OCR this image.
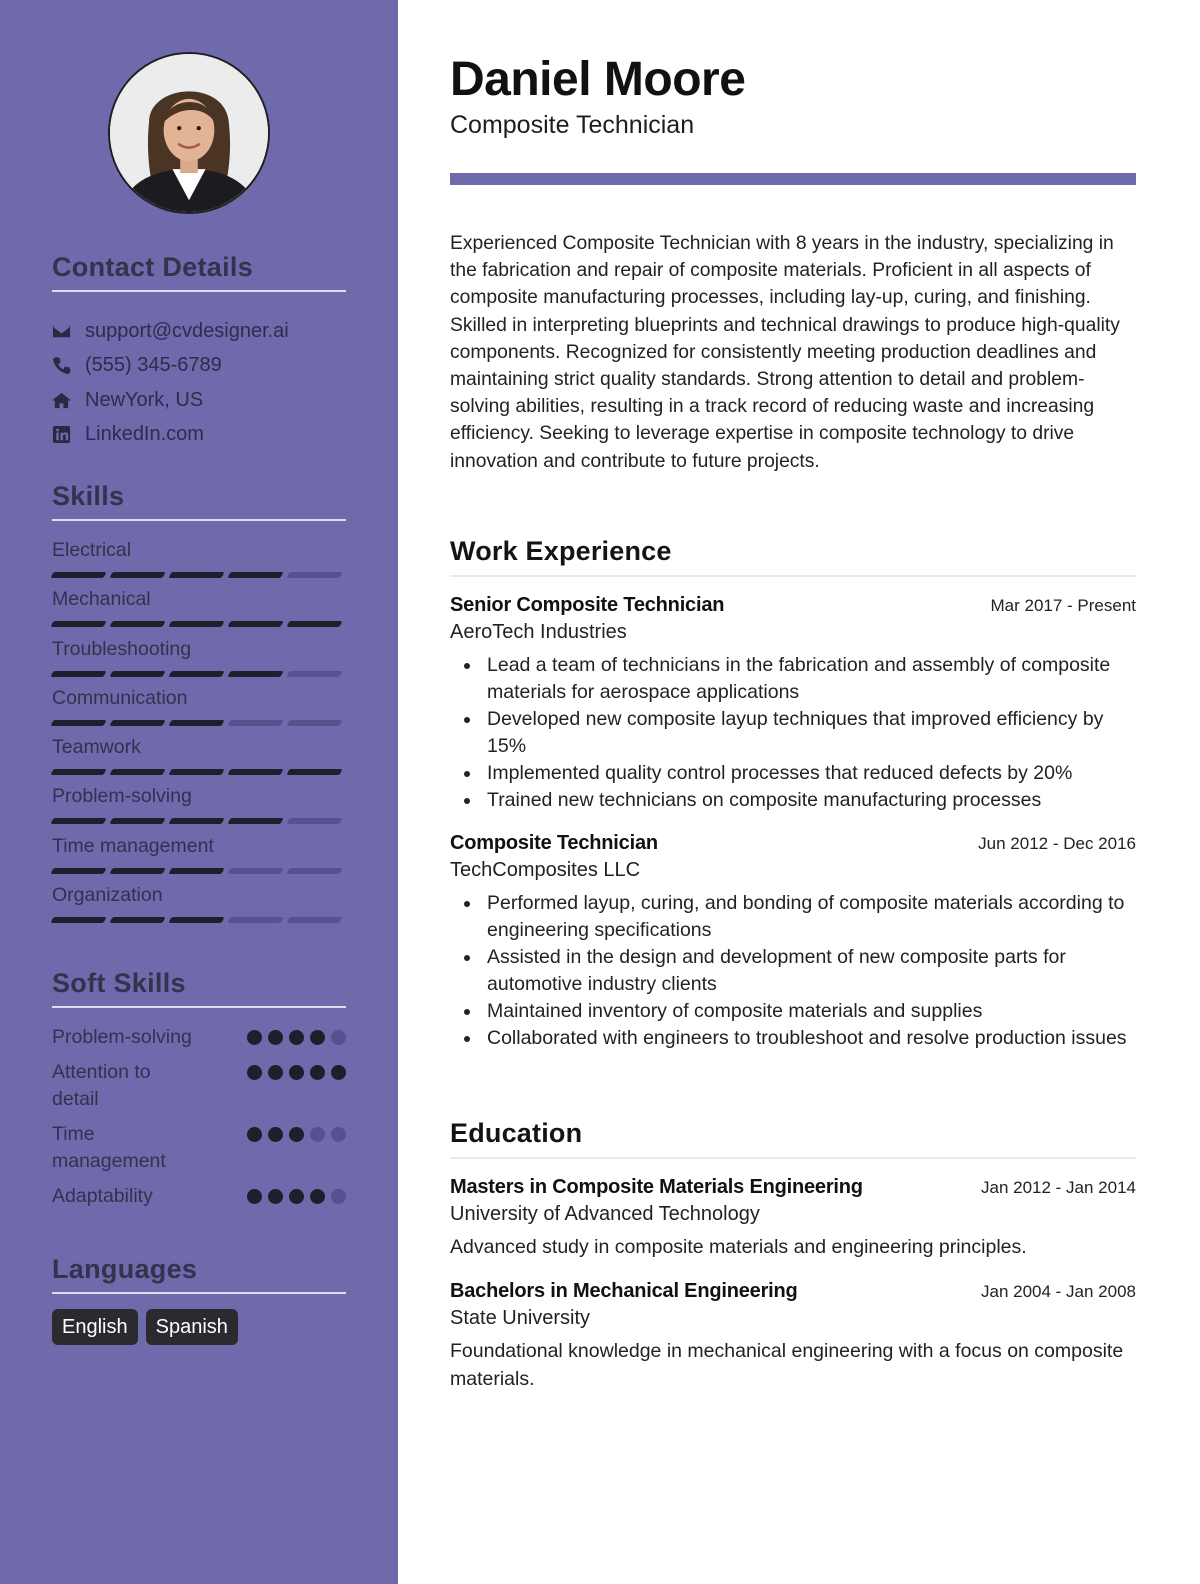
Contact Details
support@cvdesigner.ai
(555) 345-6789
NewYork, US
LinkedIn.com
Skills
Electrical
Mechanical
Troubleshooting
Communication
Teamwork
Problem-solving
Time management
Organization
Soft Skills
Problem-solving
Attention to detail
Time management
Adaptability
Languages
English	Spanish
Daniel Moore
Composite Technician

Experienced Composite Technician with 8 years in the industry, specializing in the fabrication and repair of composite materials. Proficient in all aspects of composite manufacturing processes, including lay-up, curing, and finishing. Skilled in interpreting blueprints and technical drawings to produce high-quality components. Recognized for consistently meeting production deadlines and maintaining strict quality standards. Strong attention to detail and problem-solving abilities, resulting in a track record of reducing waste and increasing efficiency. Seeking to leverage expertise in composite technology to drive innovation and contribute to future projects.

Work Experience
Senior Composite Technician	Mar 2017 - Present
AeroTech Industries
Lead a team of technicians in the fabrication and assembly of composite materials for aerospace applications
Developed new composite layup techniques that improved efficiency by 15%
Implemented quality control processes that reduced defects by 20%
Trained new technicians on composite manufacturing processes
Composite Technician	Jun 2012 - Dec 2016
TechComposites LLC
Performed layup, curing, and bonding of composite materials according to engineering specifications
Assisted in the design and development of new composite parts for automotive industry clients
Maintained inventory of composite materials and supplies
Collaborated with engineers to troubleshoot and resolve production issues
Education
Masters in Composite Materials Engineering	Jan 2012 - Jan 2014
University of Advanced Technology

Advanced study in composite materials and engineering principles.

Bachelors in Mechanical Engineering	Jan 2004 - Jan 2008
State University

Foundational knowledge in mechanical engineering with a focus on composite materials.
